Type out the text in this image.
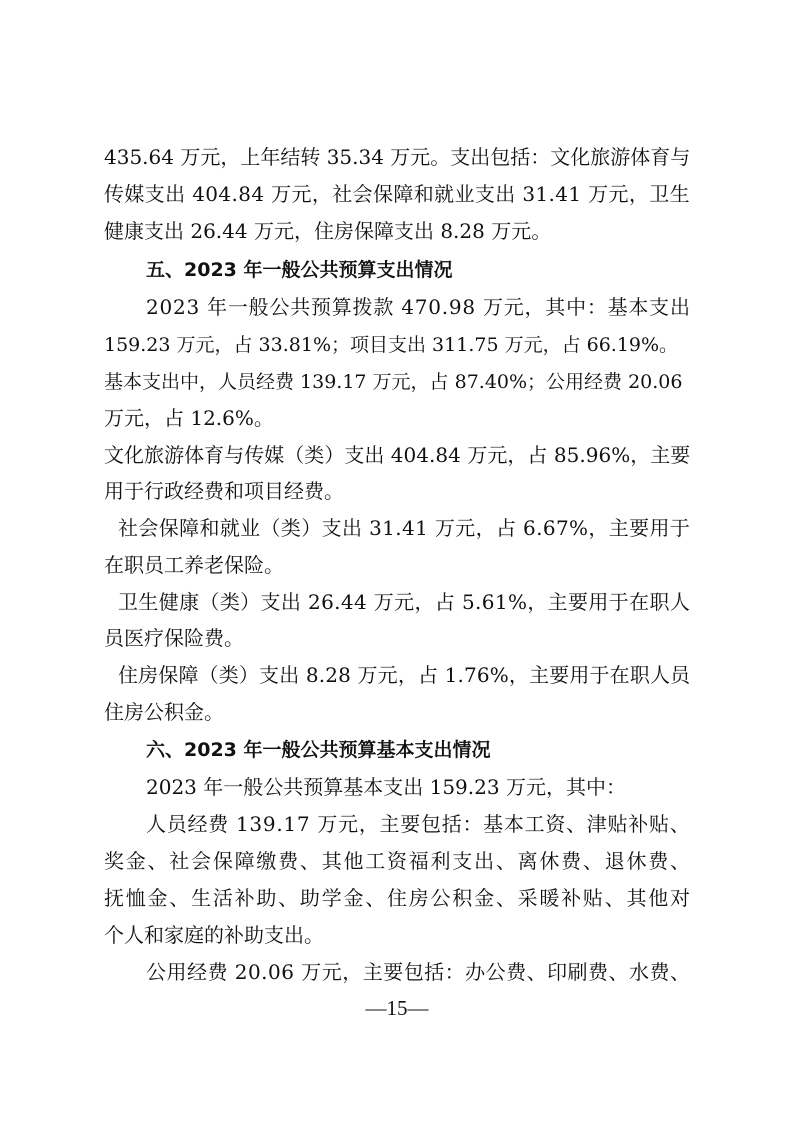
435.64 万元，上年结转 35.34 万元。支出包括：文化旅游体育与
传媒支出 404.84 万元，社会保障和就业支出 31.41 万元，卫生
健康支出 26.44 万元，住房保障支出 8.28 万元。
五、2023 年一般公共预算支出情况
2023 年一般公共预算拨款 470.98 万元，其中：基本支出
159.23 万元，占 33.81%；项目支出 311.75 万元，占 66.19%。
基本支出中，人员经费 139.17 万元，占 87.40%；公用经费 20.06
万元，占 12.6%。
文化旅游体育与传媒（类）支出 404.84 万元，占 85.96%，主要
用于行政经费和项目经费。
社会保障和就业（类）支出 31.41 万元，占 6.67%，主要用于
在职员工养老保险。
卫生健康（类）支出 26.44 万元，占 5.61%，主要用于在职人
员医疗保险费。
住房保障（类）支出 8.28 万元，占 1.76%，主要用于在职人员
住房公积金。
六、2023 年一般公共预算基本支出情况
2023 年一般公共预算基本支出 159.23 万元，其中：
人员经费 139.17 万元，主要包括：基本工资、津贴补贴、
奖金、社会保障缴费、其他工资福利支出、离休费、退休费、
抚恤金、生活补助、助学金、住房公积金、采暖补贴、其他对
个人和家庭的补助支出。
公用经费 20.06 万元，主要包括：办公费、印刷费、水费、
—15—
